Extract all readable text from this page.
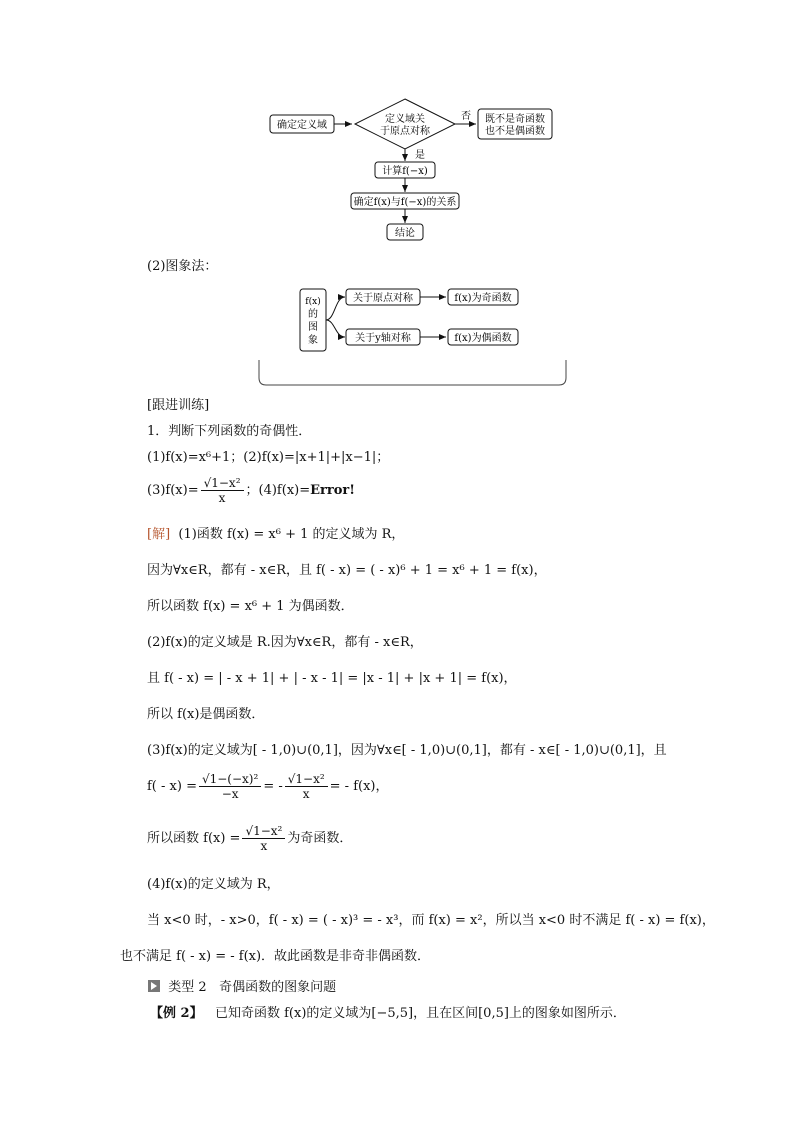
确定定义域
定义域关
于原点对称
否 既不是奇函数
也不是偶函数
是
计算f(−x)
确定f(x)与f(−x)的关系
结论
(2)图象法：
f(x)
的
图
象
关于原点对称
关于y轴对称
f(x)为奇函数
f(x)为偶函数
[跟进训练]
1．判断下列函数的奇偶性．
(1)f(x)=x⁶+1；(2)f(x)=|x+1|+|x−1|；
$(3)f(x)= \frac{\text{√1−x²}}{x}$ ；(4)f(x)=Error!
[解] (1)函数 f(x) = x⁶ + 1 的定义域为 R，
因为∀x∈R，都有 - x∈R，且 f( - x) = ( - x)⁶ + 1 = x⁶ + 1 = f(x)，
所以函数 f(x) = x⁶ + 1 为偶函数．
(2)f(x)的定义域是 R.因为∀x∈R，都有 - x∈R，
且 f( - x) = | - x + 1| + | - x - 1| = |x - 1| + |x + 1| = f(x)，
所以 f(x)是偶函数．
(3)f(x)的定义域为[ - 1,0)∪(0,1]，因为∀x∈[ - 1,0)∪(0,1]，都有 - x∈[ - 1,0)∪(0,1]，且
$f( - x) = \frac{\text{√1−(−x)²}}{-x}$ = - $\frac{\text{√1−x²}}{x}$ = - f(x)，
所以函数 $f(x) = \frac{\text{√1−x²}}{x}$ 为奇函数．
(4)f(x)的定义域为 R，
当 x<0 时，- x>0，f( - x) = ( - x)³ = - x³，而 f(x) = x²，所以当 x<0 时不满足 f( - x) = f(x)，
也不满足 f( - x) = - f(x)．故此函数是非奇非偶函数．
类型 2 奇偶函数的图象问题
【例 2】 已知奇函数 f(x)的定义域为[−5,5]，且在区间[0,5]上的图象如图所示．
